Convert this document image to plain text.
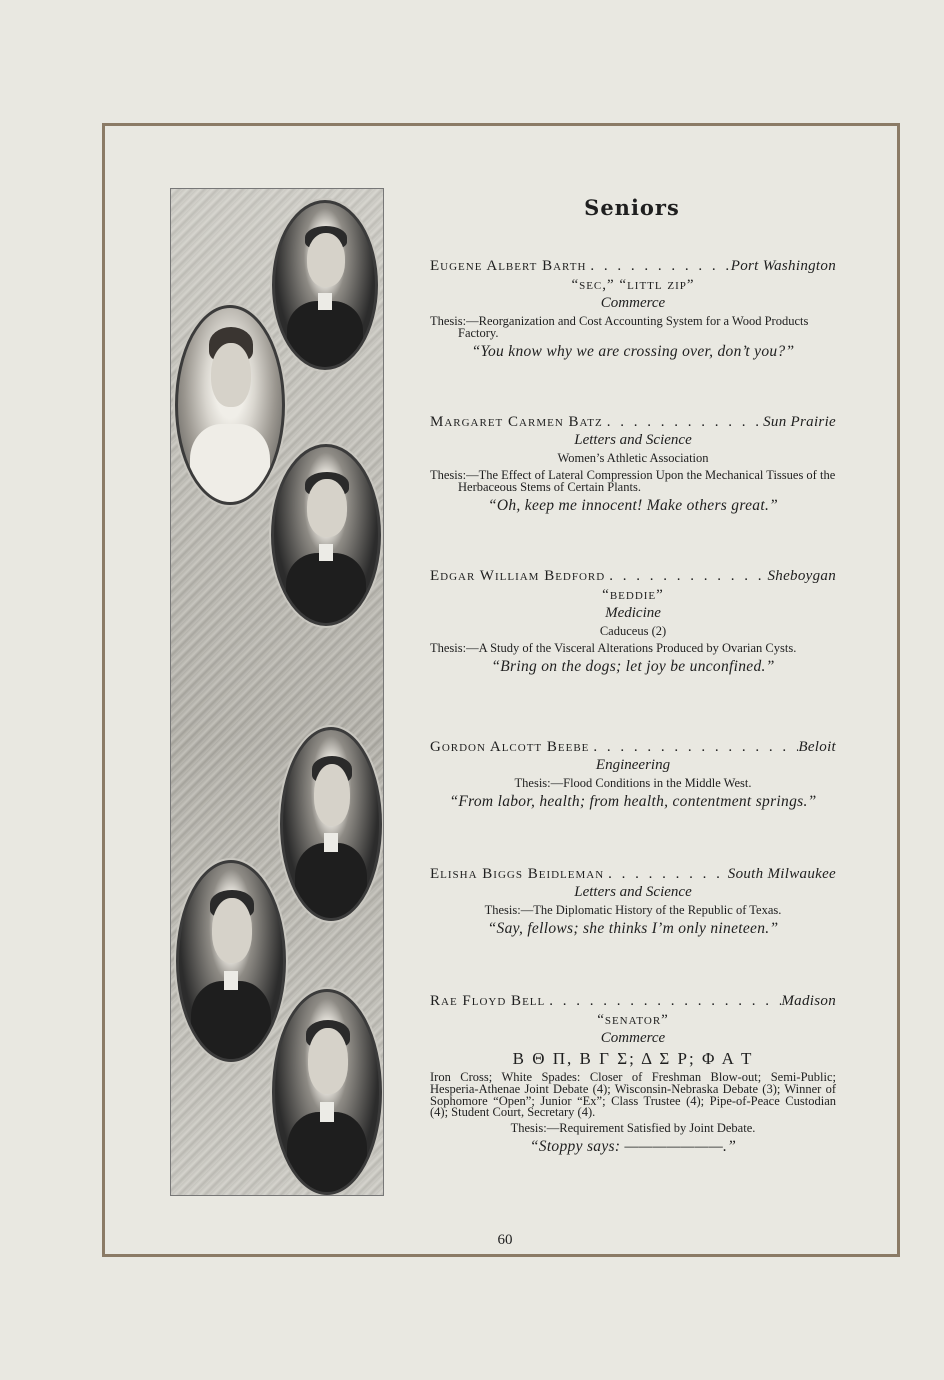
Seniors
Eugene Albert Barth . . .	Port Washington
“sec,” “littl zip”
Commerce
Thesis:—Reorganization and Cost Accounting System for a Wood Products Factory.
“You know why we are crossing over, don’t you?”
Margaret Carmen Batz . . .	Sun Prairie
Letters and Science
Women’s Athletic Association
Thesis:—The Effect of Lateral Compression Upon the Mechanical Tissues of the Herbaceous Stems of Certain Plants.
“Oh, keep me innocent! Make others great.”
Edgar William Bedford . . .	Sheboygan
“beddie”
Medicine
Caduceus (2)
Thesis:—A Study of the Visceral Alterations Produced by Ovarian Cysts.
“Bring on the dogs; let joy be unconfined.”
Gordon Alcott Beebe . . .	Beloit
Engineering
Thesis:—Flood Conditions in the Middle West.
“From labor, health; from health, contentment springs.”
Elisha Biggs Beidleman . . .	South Milwaukee
Letters and Science
Thesis:—The Diplomatic History of the Republic of Texas.
“Say, fellows; she thinks I’m only nineteen.”
Rae Floyd Bell . . .	Madison
“senator”
Commerce
Β Θ Π, Β Γ Σ; Δ Σ Ρ; Φ Α Τ
Iron Cross; White Spades: Closer of Freshman Blow-out; Semi-Public; Hesperia-Athenae Joint Debate (4); Wisconsin-Nebraska Debate (3); Winner of Sophomore “Open”; Junior “Ex”; Class Trustee (4); Pipe-of-Peace Custodian (4); Student Court, Secretary (4).
Thesis:—Requirement Satisfied by Joint Debate.
“Stoppy says: ———————.”
60
